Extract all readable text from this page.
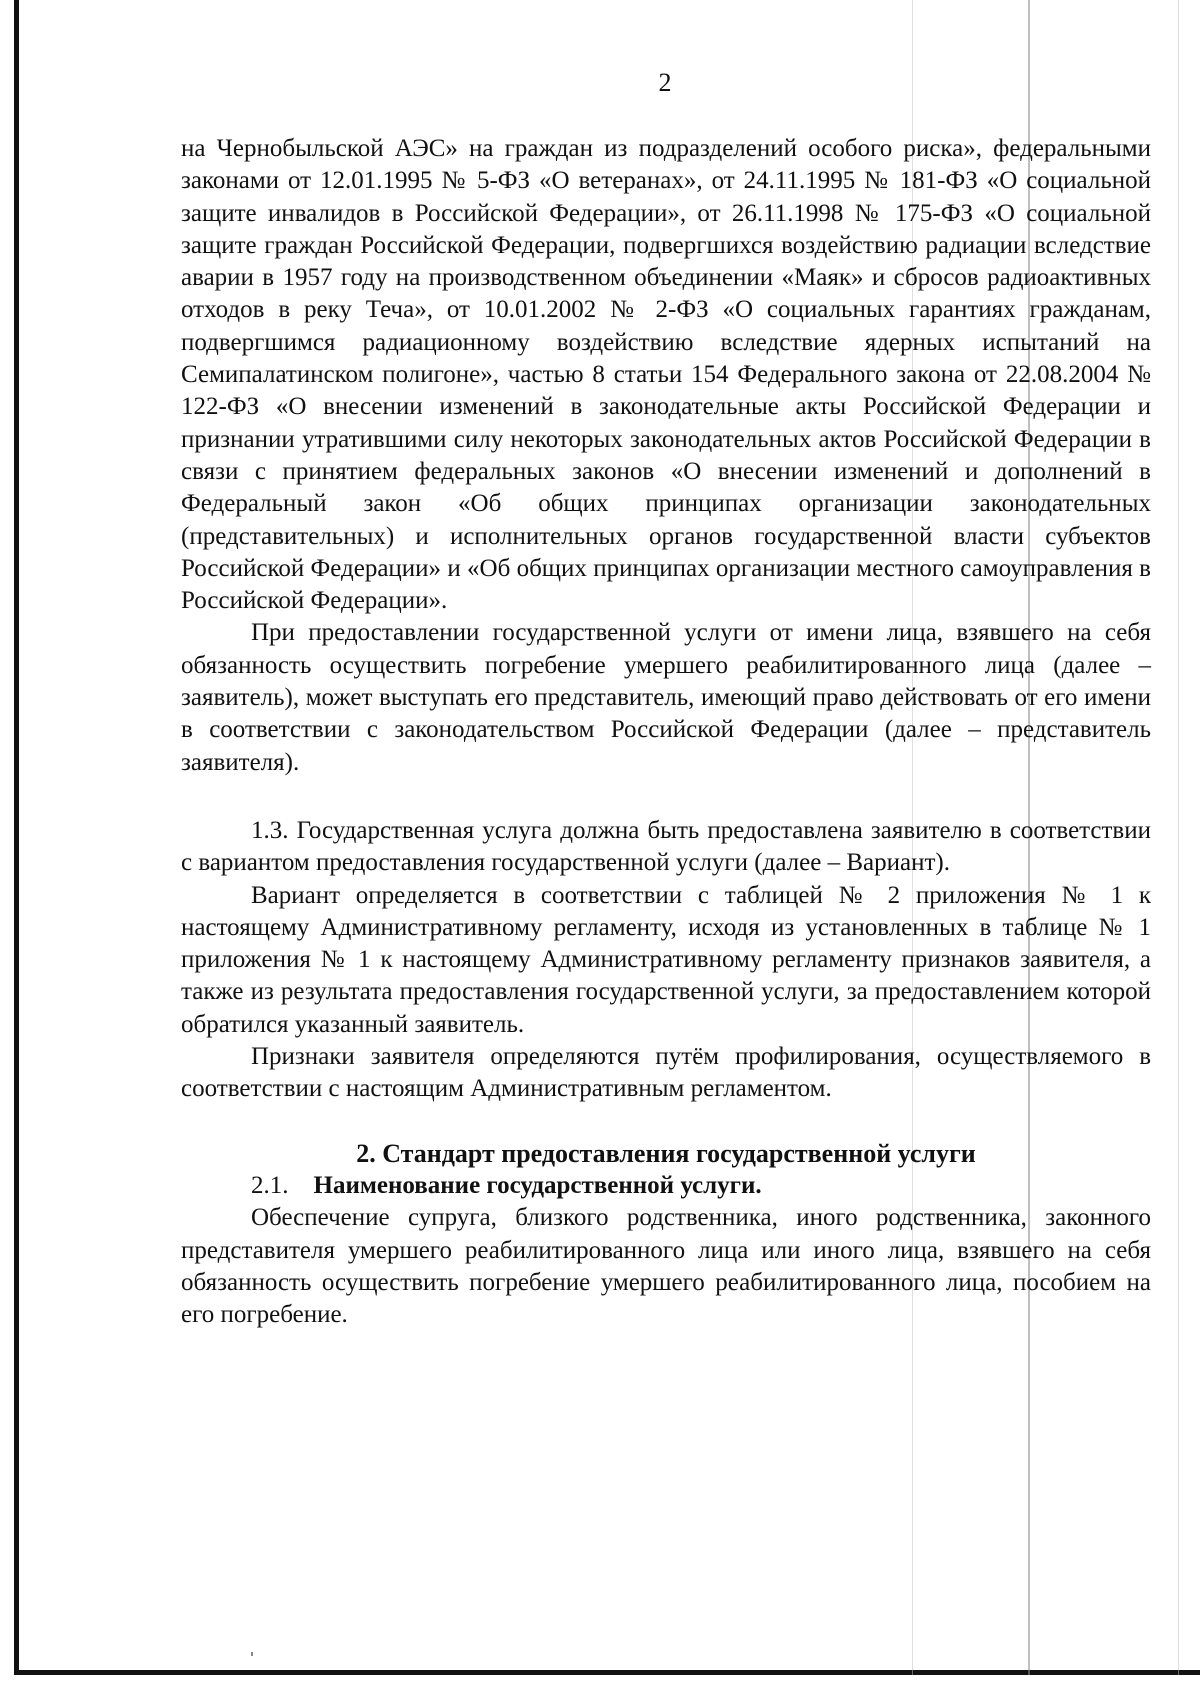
2

на Чернобыльской АЭС» на граждан из подразделений особого риска», федеральными законами от 12.01.1995 № 5-ФЗ «О ветеранах», от 24.11.1995 № 181-ФЗ «О социальной защите инвалидов в Российской Федерации», от 26.11.1998 № 175-ФЗ «О социальной защите граждан Российской Федерации, подвергшихся воздействию радиации вследствие аварии в 1957 году на производственном объединении «Маяк» и сбросов радиоактивных отходов в реку Теча», от 10.01.2002 № 2-ФЗ «О социальных гарантиях гражданам, подвергшимся радиационному воздействию вследствие ядерных испытаний на Семипалатинском полигоне», частью 8 статьи 154 Федерального закона от 22.08.2004 № 122-ФЗ «О внесении изменений в законодательные акты Российской Федерации и признании утратившими силу некоторых законодательных актов Российской Федерации в связи с принятием федеральных законов «О внесении изменений и дополнений в Федеральный закон «Об общих принципах организации законодательных (представительных) и исполнительных органов государственной власти субъектов Российской Федерации» и «Об общих принципах организации местного самоуправления в Российской Федерации».

При предоставлении государственной услуги от имени лица, взявшего на себя обязанность осуществить погребение умершего реабилитированного лица (далее – заявитель), может выступать его представитель, имеющий право действовать от его имени в соответствии с законодательством Российской Федерации (далее – представитель заявителя).

1.3. Государственная услуга должна быть предоставлена заявителю в соответствии с вариантом предоставления государственной услуги (далее – Вариант).

Вариант определяется в соответствии с таблицей № 2 приложения № 1 к настоящему Административному регламенту, исходя из установленных в таблице № 1 приложения № 1 к настоящему Административному регламенту признаков заявителя, а также из результата предоставления государственной услуги, за предоставлением которой обратился указанный заявитель.

Признаки заявителя определяются путём профилирования, осуществляемого в соответствии с настоящим Административным регламентом.

2. Стандарт предоставления государственной услуги

2.1. Наименование государственной услуги.

Обеспечение супруга, близкого родственника, иного родственника, законного представителя умершего реабилитированного лица или иного лица, взявшего на себя обязанность осуществить погребение умершего реабилитированного лица, пособием на его погребение.
